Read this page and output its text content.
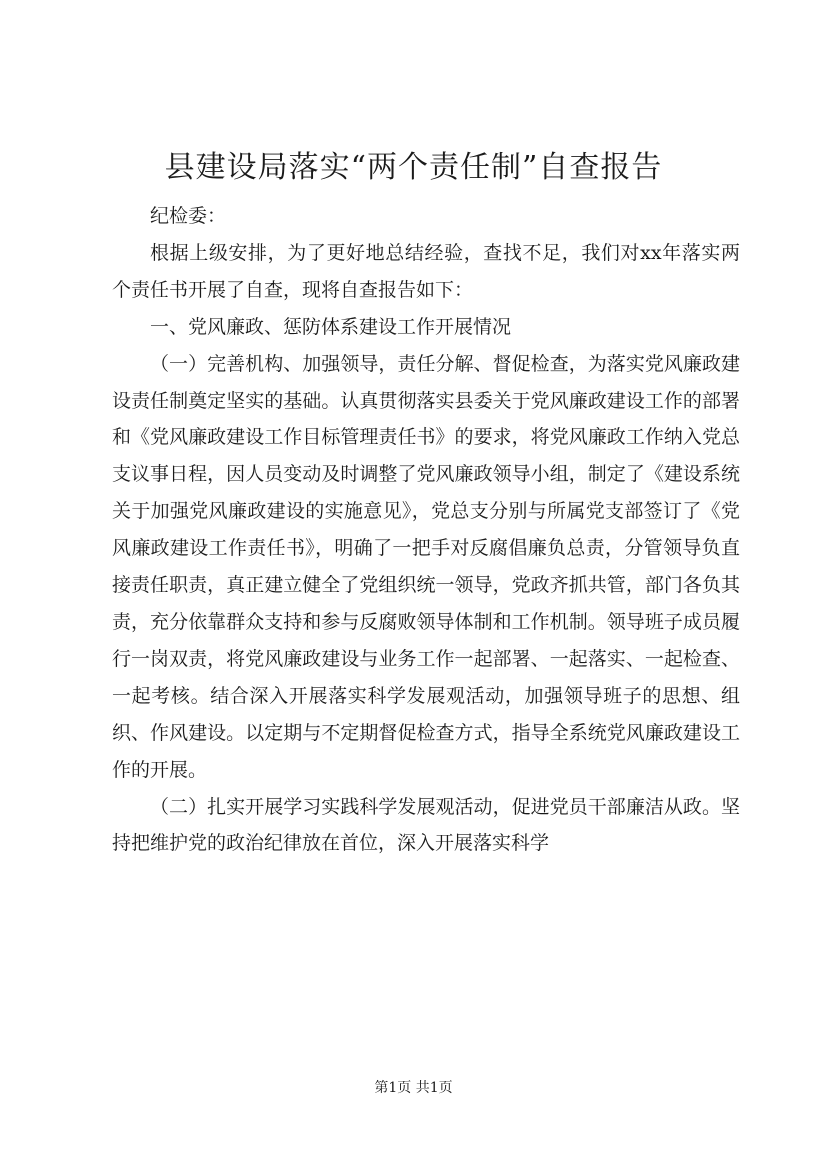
县建设局落实“两个责任制”自查报告

纪检委：

根据上级安排，为了更好地总结经验，查找不足，我们对xx年落实两个责任书开展了自查，现将自查报告如下：

一、党风廉政、惩防体系建设工作开展情况

（一）完善机构、加强领导，责任分解、督促检查，为落实党风廉政建设责任制奠定坚实的基础。认真贯彻落实县委关于党风廉政建设工作的部署和《党风廉政建设工作目标管理责任书》的要求，将党风廉政工作纳入党总支议事日程，因人员变动及时调整了党风廉政领导小组，制定了《建设系统关于加强党风廉政建设的实施意见》，党总支分别与所属党支部签订了《党风廉政建设工作责任书》，明确了一把手对反腐倡廉负总责，分管领导负直接责任职责，真正建立健全了党组织统一领导，党政齐抓共管，部门各负其责，充分依靠群众支持和参与反腐败领导体制和工作机制。领导班子成员履行一岗双责，将党风廉政建设与业务工作一起部署、一起落实、一起检查、一起考核。结合深入开展落实科学发展观活动，加强领导班子的思想、组织、作风建设。以定期与不定期督促检查方式，指导全系统党风廉政建设工作的开展。

（二）扎实开展学习实践科学发展观活动，促进党员干部廉洁从政。坚持把维护党的政治纪律放在首位，深入开展落实科学

第1页 共1页
